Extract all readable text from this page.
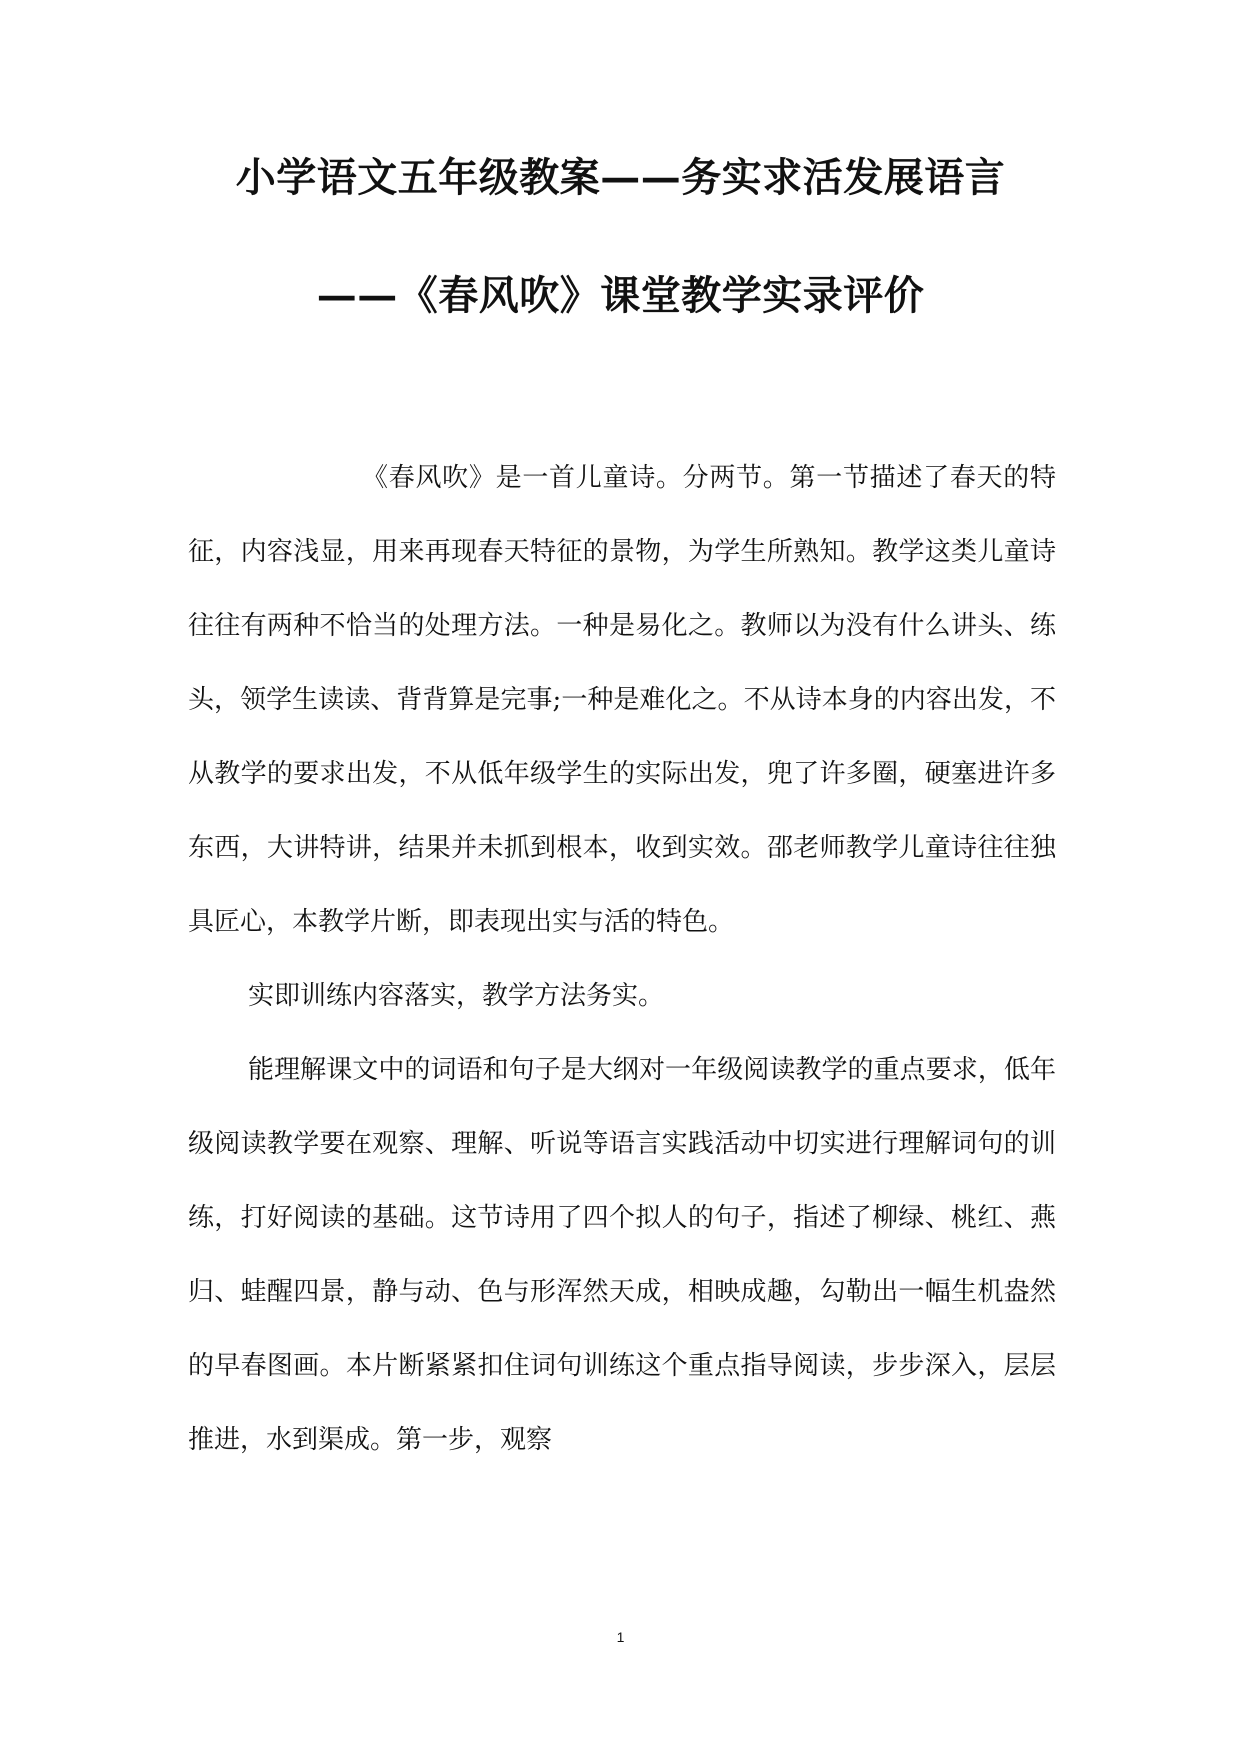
小学语文五年级教案——务实求活发展语言
——《春风吹》课堂教学实录评价

《春风吹》是一首儿童诗。分两节。第一节描述了春天的特征，内容浅显，用来再现春天特征的景物，为学生所熟知。教学这类儿童诗往往有两种不恰当的处理方法。一种是易化之。教师以为没有什么讲头、练头，领学生读读、背背算是完事;一种是难化之。不从诗本身的内容出发，不从教学的要求出发，不从低年级学生的实际出发，兜了许多圈，硬塞进许多东西，大讲特讲，结果并未抓到根本，收到实效。邵老师教学儿童诗往往独具匠心，本教学片断，即表现出实与活的特色。

实即训练内容落实，教学方法务实。

能理解课文中的词语和句子是大纲对一年级阅读教学的重点要求，低年级阅读教学要在观察、理解、听说等语言实践活动中切实进行理解词句的训练，打好阅读的基础。这节诗用了四个拟人的句子，指述了柳绿、桃红、燕归、蛙醒四景，静与动、色与形浑然天成，相映成趣，勾勒出一幅生机盎然的早春图画。本片断紧紧扣住词句训练这个重点指导阅读，步步深入，层层推进，水到渠成。第一步，观察

1
